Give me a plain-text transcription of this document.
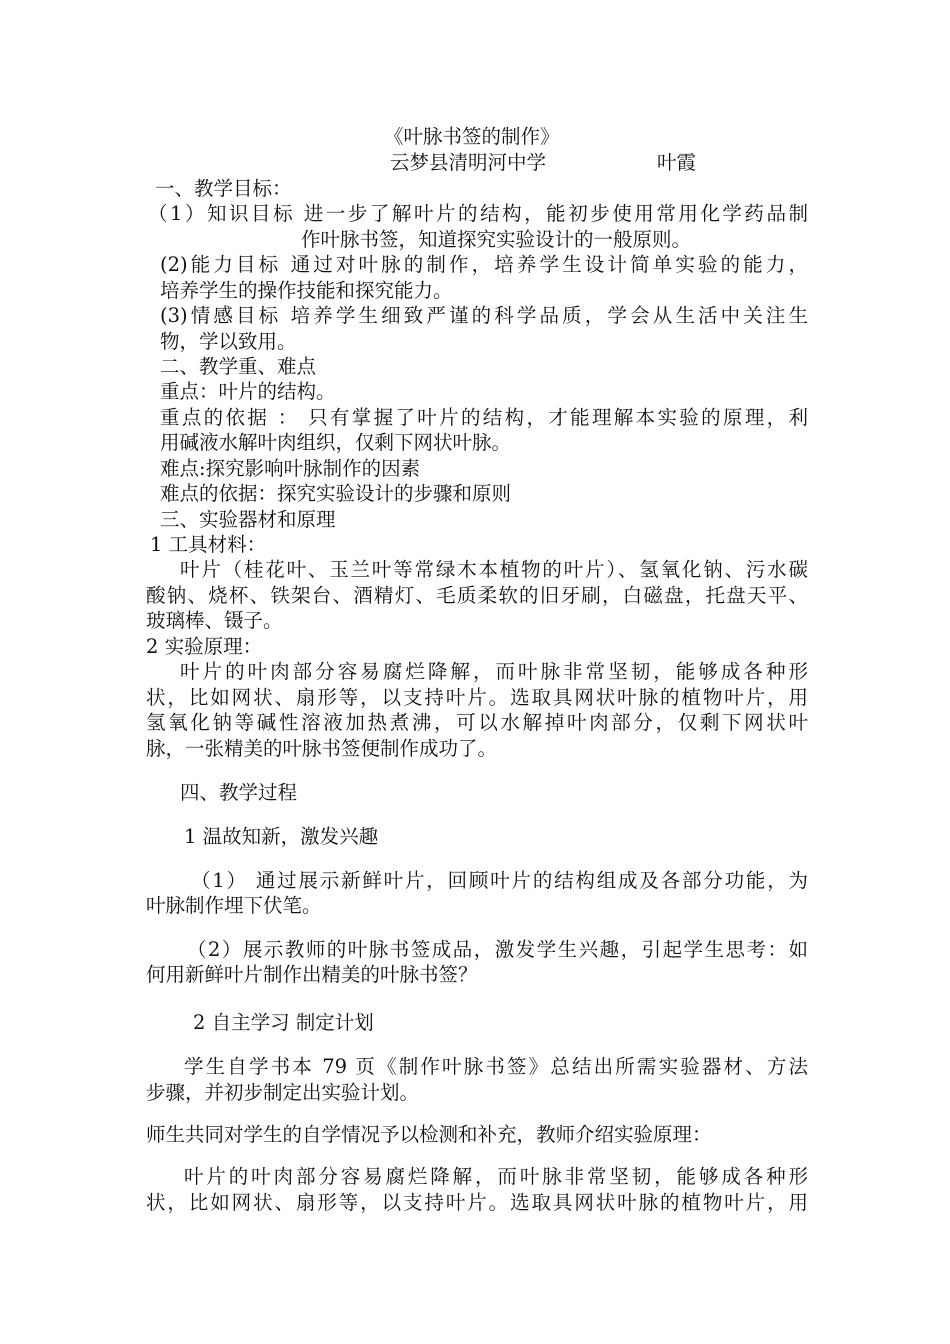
《叶脉书签的制作》
云梦县清明河中学	叶霞
一、教学目标：
（1）知识目标 进一步了解叶片的结构，能初步使用常用化学药品制
作叶脉书签，知道探究实验设计的一般原则。
(2)能力目标 通过对叶脉的制作，培养学生设计简单实验的能力，
培养学生的操作技能和探究能力。
(3)情感目标 培养学生细致严谨的科学品质，学会从生活中关注生
物，学以致用。
二、教学重、难点
重点：叶片的结构。
重点的依据 ： 只有掌握了叶片的结构，才能理解本实验的原理，利
用碱液水解叶肉组织，仅剩下网状叶脉。
难点:探究影响叶脉制作的因素
难点的依据：探究实验设计的步骤和原则
三、实验器材和原理
1 工具材料：
叶片（桂花叶、玉兰叶等常绿木本植物的叶片）、氢氧化钠、污水碳
酸钠、烧杯、铁架台、酒精灯、毛质柔软的旧牙刷，白磁盘，托盘天平、
玻璃棒、镊子。
2 实验原理：
叶片的叶肉部分容易腐烂降解，而叶脉非常坚韧，能够成各种形
状，比如网状、扇形等，以支持叶片。选取具网状叶脉的植物叶片，用
氢氧化钠等碱性溶液加热煮沸，可以水解掉叶肉部分，仅剩下网状叶
脉，一张精美的叶脉书签便制作成功了。
四、教学过程
1 温故知新，激发兴趣
（1） 通过展示新鲜叶片，回顾叶片的结构组成及各部分功能，为
叶脉制作埋下伏笔。
（2）展示教师的叶脉书签成品，激发学生兴趣，引起学生思考：如
何用新鲜叶片制作出精美的叶脉书签？
2 自主学习 制定计划
学生自学书本 79 页《制作叶脉书签》总结出所需实验器材、方法
步骤，并初步制定出实验计划。
师生共同对学生的自学情况予以检测和补充，教师介绍实验原理：
叶片的叶肉部分容易腐烂降解，而叶脉非常坚韧，能够成各种形
状，比如网状、扇形等，以支持叶片。选取具网状叶脉的植物叶片，用
